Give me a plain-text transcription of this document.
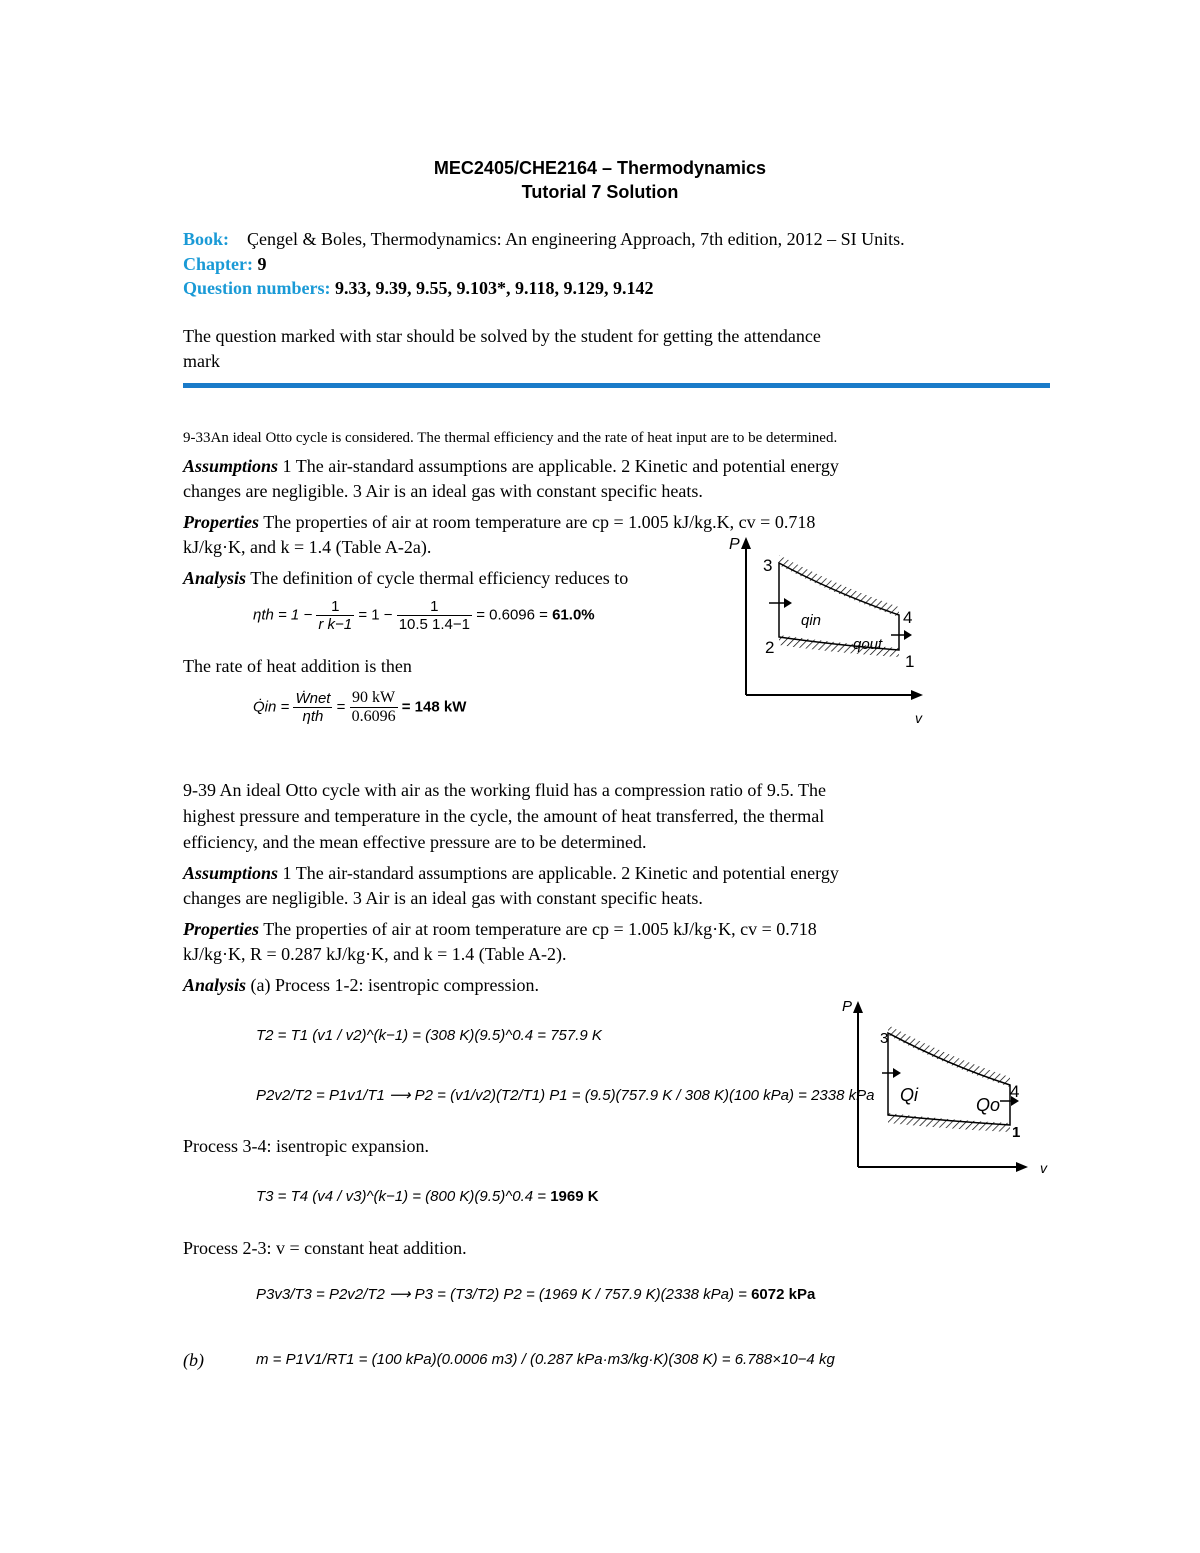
MEC2405/CHE2164 – Thermodynamics
Tutorial 7 Solution
Book: Çengel & Boles, Thermodynamics: An engineering Approach, 7th edition, 2012 – SI Units.
Chapter: 9
Question numbers: 9.33, 9.39, 9.55, 9.103*, 9.118, 9.129, 9.142
The question marked with star should be solved by the student for getting the attendance
mark
9-33An ideal Otto cycle is considered. The thermal efficiency and the rate of heat input are to be determined.
Assumptions 1 The air-standard assumptions are applicable. 2 Kinetic and potential energy
changes are negligible. 3 Air is an ideal gas with constant specific heats.
Properties The properties of air at room temperature are cp = 1.005 kJ/kg.K, cv = 0.718
kJ/kg·K, and k = 1.4 (Table A-2a).
Analysis The definition of cycle thermal efficiency reduces to
$\eta th = 1 - \frac{1}{\text{r k−1}} = 1 - \frac{1}{10.5 1.4-1} = 0.6096 = 61.0\%$
The rate of heat addition is then
Q̇in = $\frac{\text{Ẇnet}}{\text{ηth}} = \frac{90 kW}{0.6096} = 148$ kW
P
v
3
2
4
1
qin
qout
9-39 An ideal Otto cycle with air as the working fluid has a compression ratio of 9.5. The
highest pressure and temperature in the cycle, the amount of heat transferred, the thermal
efficiency, and the mean effective pressure are to be determined.
Assumptions 1 The air-standard assumptions are applicable. 2 Kinetic and potential energy
changes are negligible. 3 Air is an ideal gas with constant specific heats.
Properties The properties of air at room temperature are cp = 1.005 kJ/kg·K, cv = 0.718
kJ/kg·K, R = 0.287 kJ/kg·K, and k = 1.4 (Table A-2).
Analysis (a) Process 1-2: isentropic compression.
T2 = T1 (v1 / v2)^(k−1) = (308 K)(9.5)^0.4 = 757.9 K
P2v2/T2 = P1v1/T1 ⟶ P2 = (v1/v2)(T2/T1) P1 = (9.5)(757.9 K / 308 K)(100 kPa) = 2338 kPa
Process 3-4: isentropic expansion.
T3 = T4 (v4 / v3)^(k−1) = (800 K)(9.5)^0.4 = 1969 K
Process 2-3: v = constant heat addition.
P3v3/T3 = P2v2/T2 ⟶ P3 = (T3/T2) P2 = (1969 K / 757.9 K)(2338 kPa) = 6072 kPa
(b)	m = P1V1/RT1 = (100 kPa)(0.0006 m3) / (0.287 kPa·m3/kg·K)(308 K) = 6.788×10−4 kg
P
v
3
4
1
Qi	Qo
